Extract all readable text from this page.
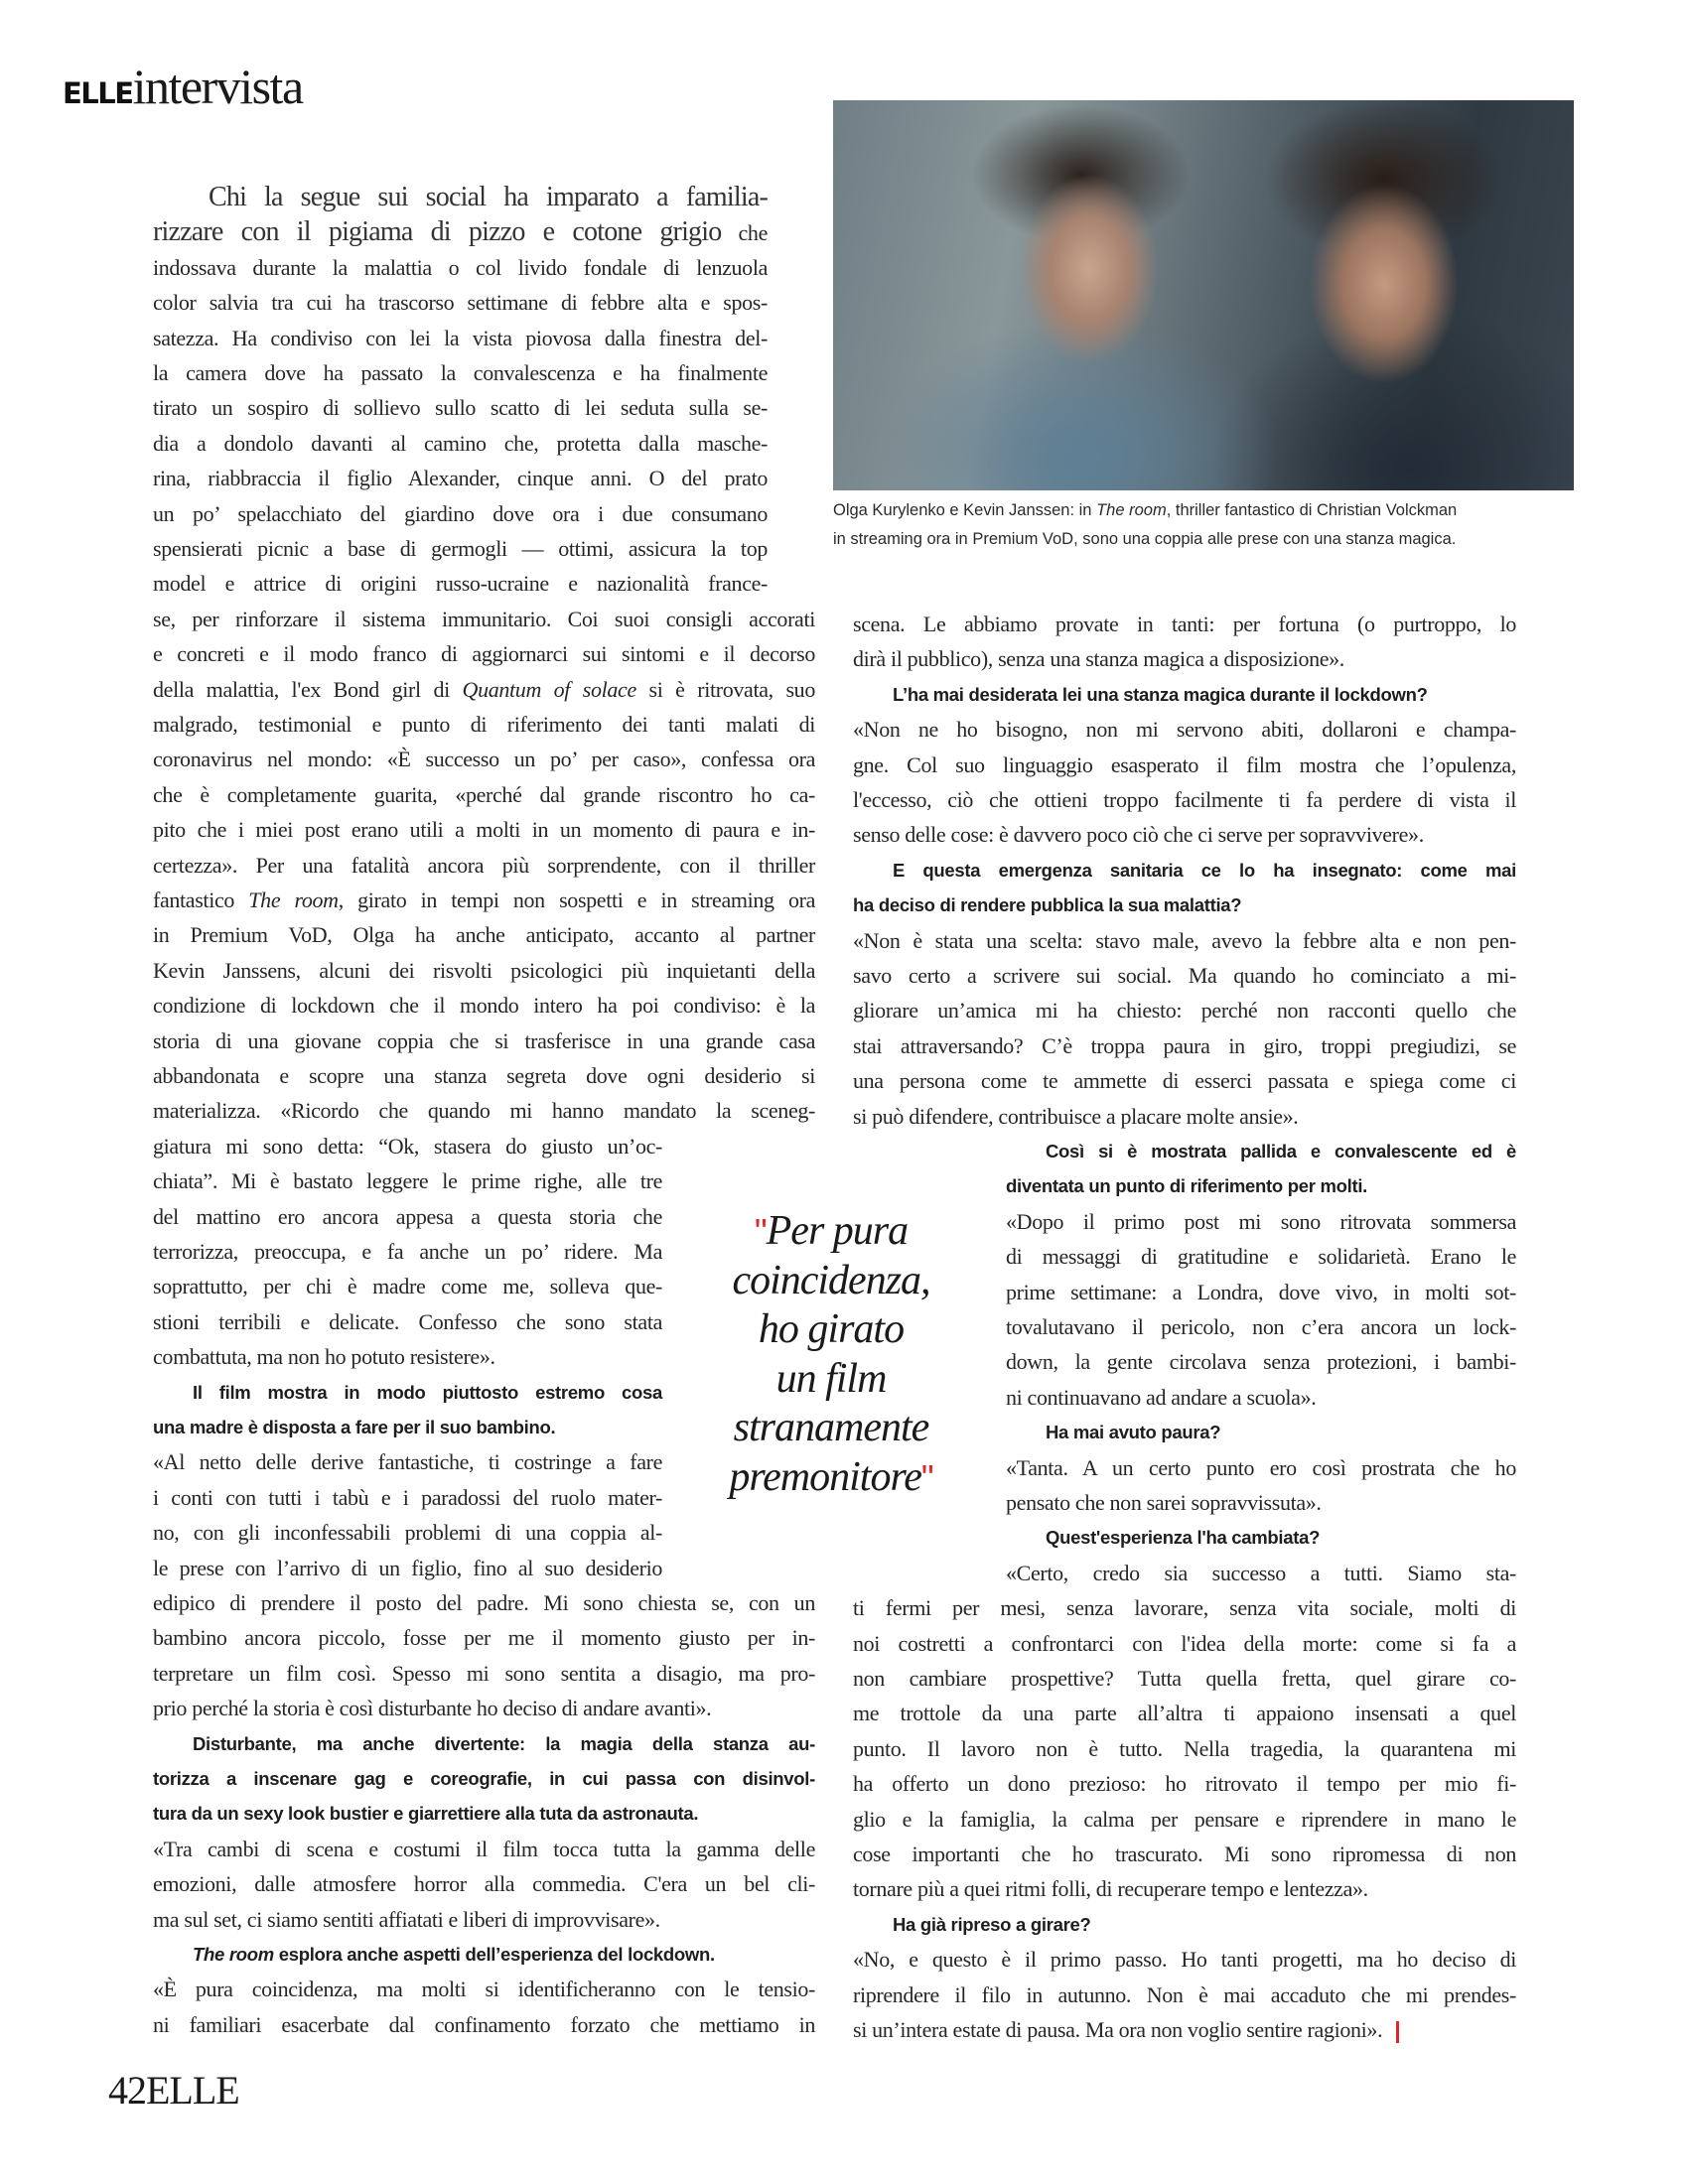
ELLEintervista
Olga Kurylenko e Kevin Janssen: in The room, thriller fantastico di Christian Volckman
in streaming ora in Premium VoD, sono una coppia alle prese con una stanza magica.
Chi la segue sui social ha imparato a familia-
rizzare con il pigiama di pizzo e cotone grigio che
indossava durante la malattia o col livido fondale di lenzuola
color salvia tra cui ha trascorso settimane di febbre alta e spos-
satezza. Ha condiviso con lei la vista piovosa dalla finestra del-
la camera dove ha passato la convalescenza e ha finalmente
tirato un sospiro di sollievo sullo scatto di lei seduta sulla se-
dia a dondolo davanti al camino che, protetta dalla masche-
rina, riabbraccia il figlio Alexander, cinque anni. O del prato
un po’ spelacchiato del giardino dove ora i due consumano
spensierati picnic a base di germogli — ottimi, assicura la top
model e attrice di origini russo-ucraine e nazionalità france-
se, per rinforzare il sistema immunitario. Coi suoi consigli accorati
e concreti e il modo franco di aggiornarci sui sintomi e il decorso
della malattia, l'ex Bond girl di Quantum of solace si è ritrovata, suo
malgrado, testimonial e punto di riferimento dei tanti malati di
coronavirus nel mondo: «È successo un po’ per caso», confessa ora
che è completamente guarita, «perché dal grande riscontro ho ca-
pito che i miei post erano utili a molti in un momento di paura e in-
certezza». Per una fatalità ancora più sorprendente, con il thriller
fantastico The room, girato in tempi non sospetti e in streaming ora
in Premium VoD, Olga ha anche anticipato, accanto al partner
Kevin Janssens, alcuni dei risvolti psicologici più inquietanti della
condizione di lockdown che il mondo intero ha poi condiviso: è la
storia di una giovane coppia che si trasferisce in una grande casa
abbandonata e scopre una stanza segreta dove ogni desiderio si
materializza. «Ricordo che quando mi hanno mandato la sceneg-
giatura mi sono detta: “Ok, stasera do giusto un’oc-
chiata”. Mi è bastato leggere le prime righe, alle tre
del mattino ero ancora appesa a questa storia che
terrorizza, preoccupa, e fa anche un po’ ridere. Ma
soprattutto, per chi è madre come me, solleva que-
stioni terribili e delicate. Confesso che sono stata
combattuta, ma non ho potuto resistere».
Il film mostra in modo piuttosto estremo cosa
una madre è disposta a fare per il suo bambino.
«Al netto delle derive fantastiche, ti costringe a fare
i conti con tutti i tabù e i paradossi del ruolo mater-
no, con gli inconfessabili problemi di una coppia al-
le prese con l’arrivo di un figlio, fino al suo desiderio
edipico di prendere il posto del padre. Mi sono chiesta se, con un
bambino ancora piccolo, fosse per me il momento giusto per in-
terpretare un film così. Spesso mi sono sentita a disagio, ma pro-
prio perché la storia è così disturbante ho deciso di andare avanti».
Disturbante, ma anche divertente: la magia della stanza au-
torizza a inscenare gag e coreografie, in cui passa con disinvol-
tura da un sexy look bustier e giarrettiere alla tuta da astronauta.
«Tra cambi di scena e costumi il film tocca tutta la gamma delle
emozioni, dalle atmosfere horror alla commedia. C'era un bel cli-
ma sul set, ci siamo sentiti affiatati e liberi di improvvisare».
The room esplora anche aspetti dell’esperienza del lockdown.
«È pura coincidenza, ma molti si identificheranno con le tensio-
ni familiari esacerbate dal confinamento forzato che mettiamo in
scena. Le abbiamo provate in tanti: per fortuna (o purtroppo, lo
dirà il pubblico), senza una stanza magica a disposizione».
L’ha mai desiderata lei una stanza magica durante il lockdown?
«Non ne ho bisogno, non mi servono abiti, dollaroni e champa-
gne. Col suo linguaggio esasperato il film mostra che l’opulenza,
l'eccesso, ciò che ottieni troppo facilmente ti fa perdere di vista il
senso delle cose: è davvero poco ciò che ci serve per sopravvivere».
E questa emergenza sanitaria ce lo ha insegnato: come mai
ha deciso di rendere pubblica la sua malattia?
«Non è stata una scelta: stavo male, avevo la febbre alta e non pen-
savo certo a scrivere sui social. Ma quando ho cominciato a mi-
gliorare un’amica mi ha chiesto: perché non racconti quello che
stai attraversando? C’è troppa paura in giro, troppi pregiudizi, se
una persona come te ammette di esserci passata e spiega come ci
si può difendere, contribuisce a placare molte ansie».
Così si è mostrata pallida e convalescente ed è
diventata un punto di riferimento per molti.
«Dopo il primo post mi sono ritrovata sommersa
di messaggi di gratitudine e solidarietà. Erano le
prime settimane: a Londra, dove vivo, in molti sot-
tovalutavano il pericolo, non c’era ancora un lock-
down, la gente circolava senza protezioni, i bambi-
ni continuavano ad andare a scuola».
Ha mai avuto paura?
«Tanta. A un certo punto ero così prostrata che ho
pensato che non sarei sopravvissuta».
Quest'esperienza l'ha cambiata?
«Certo, credo sia successo a tutti. Siamo sta-
ti fermi per mesi, senza lavorare, senza vita sociale, molti di
noi costretti a confrontarci con l'idea della morte: come si fa a
non cambiare prospettive? Tutta quella fretta, quel girare co-
me trottole da una parte all’altra ti appaiono insensati a quel
punto. Il lavoro non è tutto. Nella tragedia, la quarantena mi
ha offerto un dono prezioso: ho ritrovato il tempo per mio fi-
glio e la famiglia, la calma per pensare e riprendere in mano le
cose importanti che ho trascurato. Mi sono ripromessa di non
tornare più a quei ritmi folli, di recuperare tempo e lentezza».
Ha già ripreso a girare?
«No, e questo è il primo passo. Ho tanti progetti, ma ho deciso di
riprendere il filo in autunno. Non è mai accaduto che mi prendes-
si un’intera estate di pausa. Ma ora non voglio sentire ragioni».
"Per pura
coincidenza,
ho girato
un film
stranamente
premonitore"
42ELLE
